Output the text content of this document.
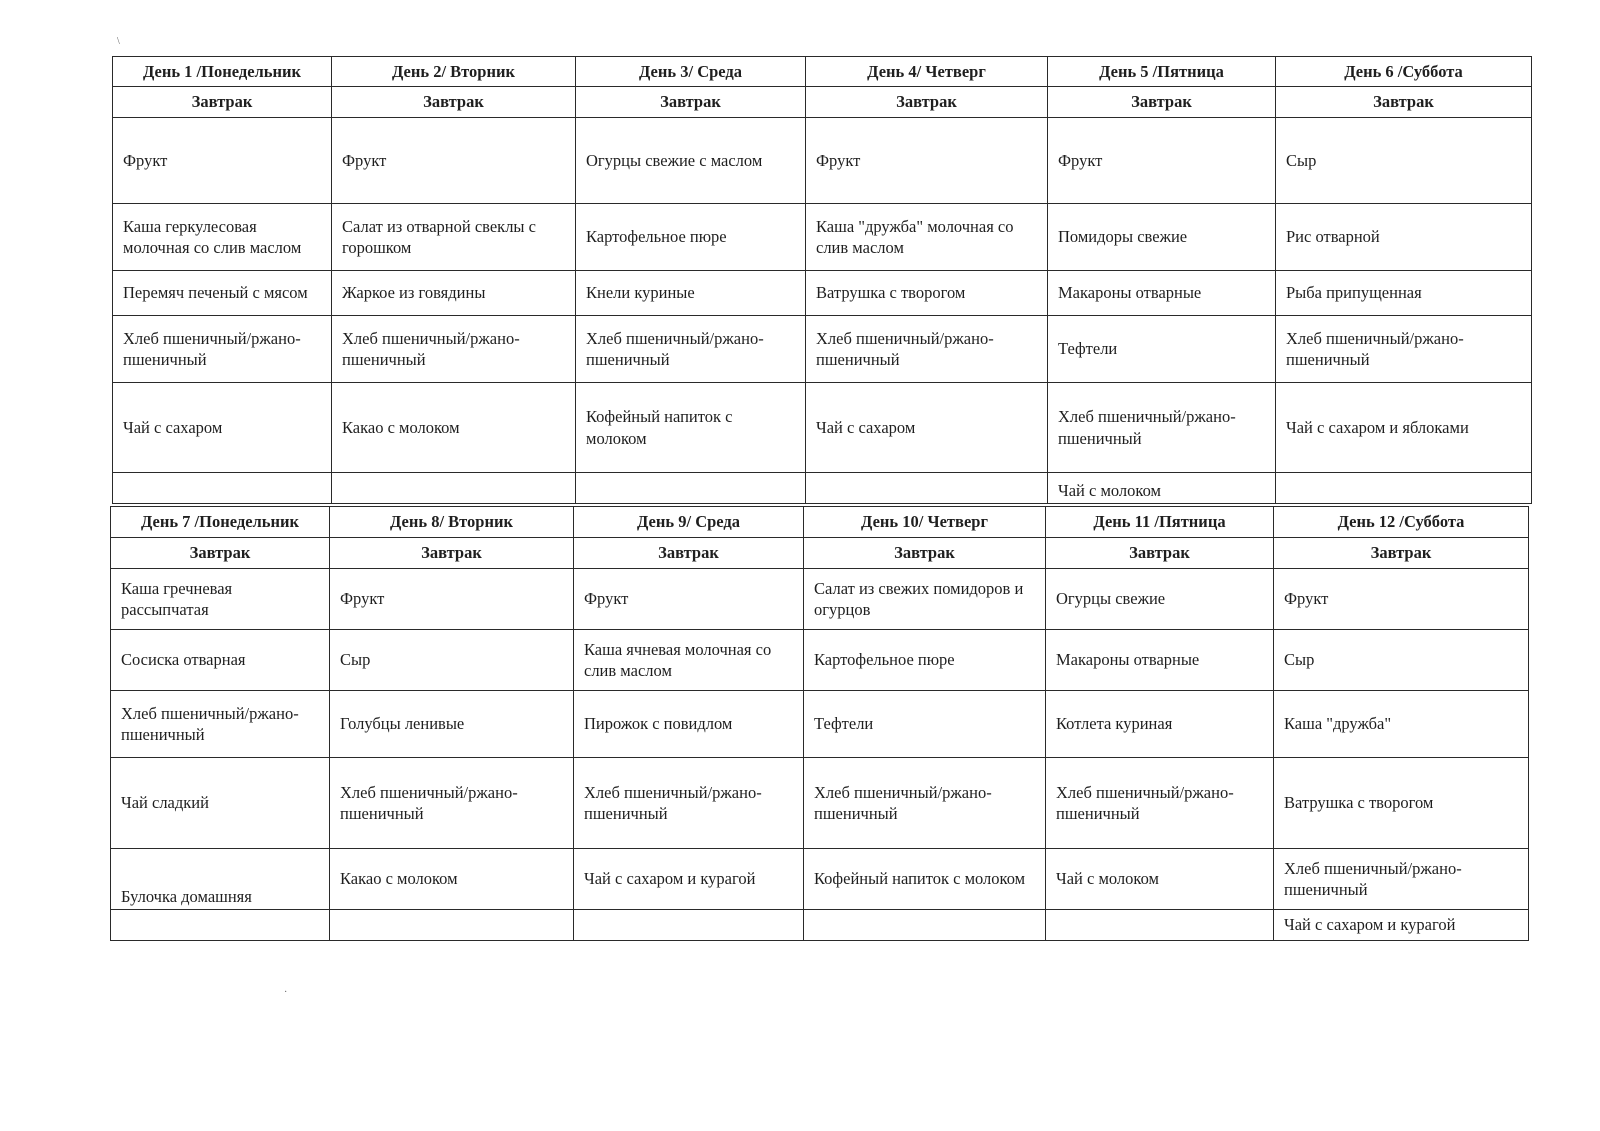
\
·
День 1 /Понедельник	День 2/ Вторник	День 3/ Среда	День 4/ Четверг	День 5 /Пятница	День 6 /Суббота
Завтрак	Завтрак	Завтрак	Завтрак	Завтрак	Завтрак
Фрукт	Фрукт	Огурцы свежие с маслом	Фрукт	Фрукт	Сыр
Каша геркулесовая молочная со слив маслом	Салат из отварной свеклы с горошком	Картофельное пюре	Каша "дружба" молочная со слив маслом	Помидоры свежие	Рис отварной
Перемяч печеный с мясом	Жаркое из говядины	Кнели куриные	Ватрушка с творогом	Макароны отварные	Рыба припущенная
Хлеб пшеничный/ржано-пшеничный	Хлеб пшеничный/ржано-пшеничный	Хлеб пшеничный/ржано-пшеничный	Хлеб пшеничный/ржано-пшеничный	Тефтели	Хлеб пшеничный/ржано-пшеничный
Чай с сахаром	Какао с молоком	Кофейный напиток с молоком	Чай с сахаром	Хлеб пшеничный/ржано-пшеничный	Чай с сахаром и яблоками
				Чай с молоком	
День 7 /Понедельник	День 8/ Вторник	День 9/ Среда	День 10/ Четверг	День 11 /Пятница	День 12 /Суббота
Завтрак	Завтрак	Завтрак	Завтрак	Завтрак	Завтрак
Каша гречневая рассыпчатая	Фрукт	Фрукт	Салат из свежих помидоров и огурцов	Огурцы свежие	Фрукт
Сосиска отварная	Сыр	Каша ячневая молочная со слив маслом	Картофельное пюре	Макароны отварные	Сыр
Хлеб пшеничный/ржано-пшеничный	Голубцы ленивые	Пирожок с повидлом	Тефтели	Котлета куриная	Каша "дружба"
Чай сладкий	Хлеб пшеничный/ржано-пшеничный	Хлеб пшеничный/ржано-пшеничный	Хлеб пшеничный/ржано-пшеничный	Хлеб пшеничный/ржано-пшеничный	Ватрушка с творогом
Булочка домашняя	Какао с молоком	Чай с сахаром и курагой	Кофейный напиток с молоком	Чай с молоком	Хлеб пшеничный/ржано-пшеничный
					Чай с сахаром и курагой
